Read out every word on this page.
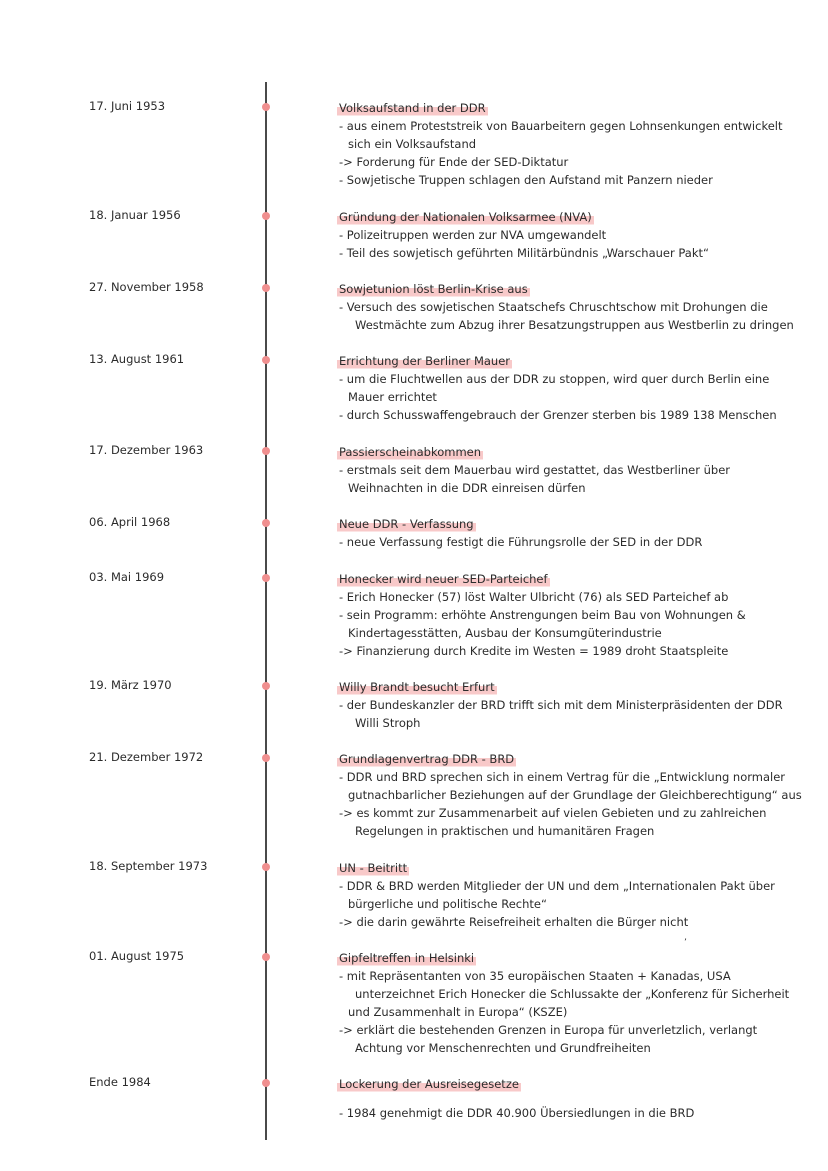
17. Juni 1953	Volksaufstand in der DDR
- aus einem Proteststreik von Bauarbeitern gegen Lohnsenkungen entwickelt
sich ein Volksaufstand
-> Forderung für Ende der SED-Diktatur
- Sowjetische Truppen schlagen den Aufstand mit Panzern nieder
18. Januar 1956	Gründung der Nationalen Volksarmee (NVA)
- Polizeitruppen werden zur NVA umgewandelt
- Teil des sowjetisch geführten Militärbündnis „Warschauer Pakt“
27. November 1958	Sowjetunion löst Berlin-Krise aus
- Versuch des sowjetischen Staatschefs Chruschtschow mit Drohungen die
Westmächte zum Abzug ihrer Besatzungstruppen aus Westberlin zu dringen
13. August 1961	Errichtung der Berliner Mauer
- um die Fluchtwellen aus der DDR zu stoppen, wird quer durch Berlin eine
Mauer errichtet
- durch Schusswaffengebrauch der Grenzer sterben bis 1989 138 Menschen
17. Dezember 1963	Passierscheinabkommen
- erstmals seit dem Mauerbau wird gestattet, das Westberliner über
Weihnachten in die DDR einreisen dürfen
06. April 1968	Neue DDR - Verfassung
- neue Verfassung festigt die Führungsrolle der SED in der DDR
03. Mai 1969	Honecker wird neuer SED-Parteichef
- Erich Honecker (57) löst Walter Ulbricht (76) als SED Parteichef ab
- sein Programm: erhöhte Anstrengungen beim Bau von Wohnungen &
Kindertagesstätten, Ausbau der Konsumgüterindustrie
-> Finanzierung durch Kredite im Westen = 1989 droht Staatspleite
19. März 1970	Willy Brandt besucht Erfurt
- der Bundeskanzler der BRD trifft sich mit dem Ministerpräsidenten der DDR
Willi Stroph
21. Dezember 1972	Grundlagenvertrag DDR - BRD
- DDR und BRD sprechen sich in einem Vertrag für die „Entwicklung normaler
gutnachbarlicher Beziehungen auf der Grundlage der Gleichberechtigung“ aus
-> es kommt zur Zusammenarbeit auf vielen Gebieten und zu zahlreichen
Regelungen in praktischen und humanitären Fragen
18. September 1973	UN - Beitritt
- DDR & BRD werden Mitglieder der UN und dem „Internationalen Pakt über
bürgerliche und politische Rechte“
-> die darin gewährte Reisefreiheit erhalten die Bürger nicht
01. August 1975	Gipfeltreffen in Helsinki
- mit Repräsentanten von 35 europäischen Staaten + Kanadas, USA
unterzeichnet Erich Honecker die Schlussakte der „Konferenz für Sicherheit
und Zusammenhalt in Europa“ (KSZE)
-> erklärt die bestehenden Grenzen in Europa für unverletzlich, verlangt
Achtung vor Menschenrechten und Grundfreiheiten
Ende 1984	Lockerung der Ausreisegesetze
- 1984 genehmigt die DDR 40.900 Übersiedlungen in die BRD
ʼ
